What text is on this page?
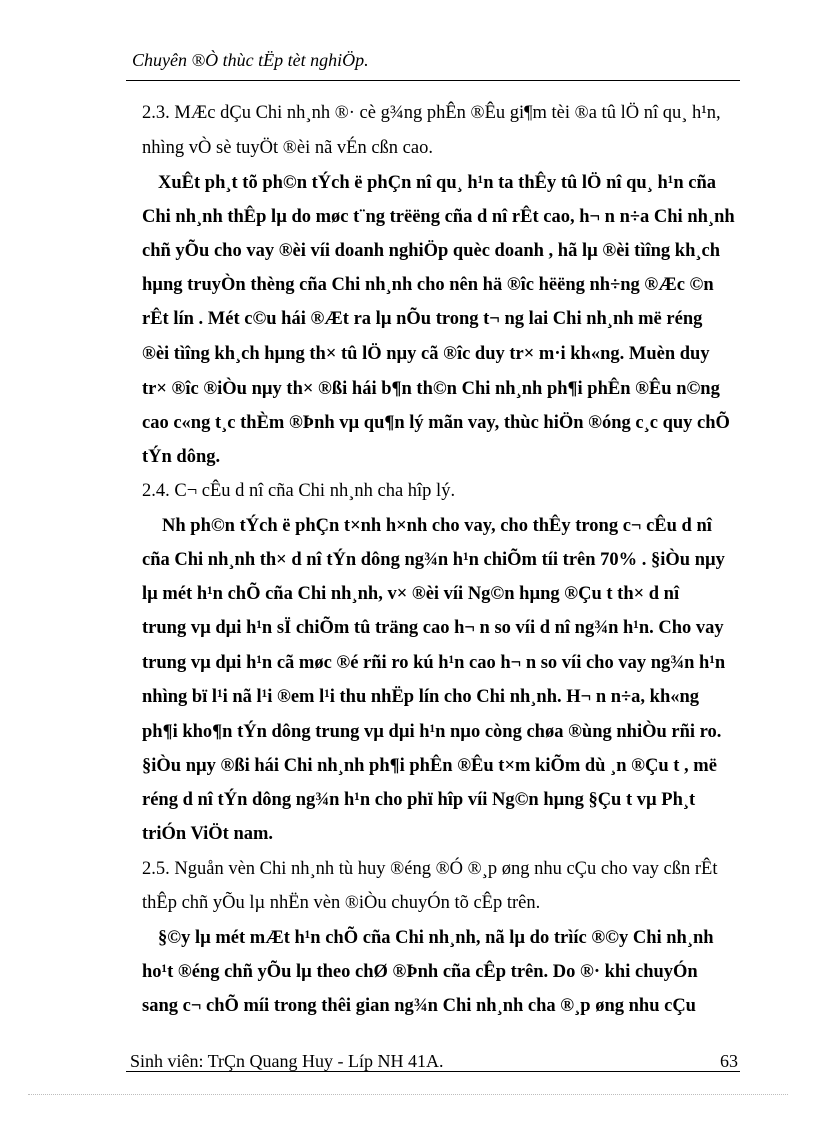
Chuyên ®Ò thùc tËp tèt nghiÖp.
2.3. MÆc dÇu Chi nh¸nh ®· cè g¾ng phÊn ®Êu gi¶m tèi ®a tû lÖ nî qu¸ h¹n,
nhìng vÒ sè tuyÖt ®èi nã vÉn cßn cao.
XuÊt ph¸t tõ ph©n tÝch ë phÇn nî qu¸ h¹n ta thÊy tû lÖ nî qu¸ h¹n cña
Chi nh¸nh thÊp lµ do møc t¨ng trëëng cña d nî rÊt cao, h¬ n n÷a Chi nh¸nh
chñ yÕu cho vay ®èi víi doanh nghiÖp quèc doanh , hã lµ ®èi tìîng kh¸ch
hµng truyÒn thèng cña Chi nh¸nh cho nên hä ®îc hëëng nh÷ng ®Æc ©n
rÊt lín . Mét c©u hái ®Æt ra lµ nÕu trong t¬ ng lai Chi nh¸nh më réng
®èi tìîng kh¸ch hµng th× tû lÖ nµy cã ®îc duy tr× m·i kh«ng. Muèn duy
tr× ®îc ®iÒu nµy th× ®ßi hái b¶n th©n Chi nh¸nh ph¶i phÊn ®Êu n©ng
cao c«ng t¸c thÈm ®Þnh vµ qu¶n lý mãn vay, thùc hiÖn ®óng c¸c quy chÕ
tÝn dông.
2.4. C¬ cÊu d nî cña Chi nh¸nh cha hîp lý.
Nh ph©n tÝch ë phÇn t×nh h×nh cho vay, cho thÊy trong c¬ cÊu d nî
cña Chi nh¸nh th× d nî tÝn dông ng¾n h¹n chiÕm tíi trên 70% . §iÒu nµy
lµ mét h¹n chÕ cña Chi nh¸nh, v× ®èi víi Ng©n hµng ®Çu t th× d nî
trung vµ dµi h¹n sÏ chiÕm tû träng cao h¬ n so víi d nî ng¾n h¹n. Cho vay
trung vµ dµi h¹n cã møc ®é rñi ro kú h¹n cao h¬ n so víi cho vay ng¾n h¹n
nhìng bï l¹i nã l¹i ®em l¹i thu nhËp lín cho Chi nh¸nh. H¬ n n÷a, kh«ng
ph¶i kho¶n tÝn dông trung vµ dµi h¹n nµo còng chøa ®ùng nhiÒu rñi ro.
§iÒu nµy ®ßi hái Chi nh¸nh ph¶i phÊn ®Êu t×m kiÕm dù ¸n ®Çu t , më
réng d nî tÝn dông ng¾n h¹n cho phï hîp víi Ng©n hµng §Çu t vµ Ph¸t
triÓn ViÖt nam.
2.5. Nguån vèn Chi nh¸nh tù huy ®éng ®Ó ®¸p øng nhu cÇu cho vay cßn rÊt
thÊp chñ yÕu lµ nhËn vèn ®iÒu chuyÓn tõ cÊp trên.
§©y lµ mét mÆt h¹n chÕ cña Chi nh¸nh, nã lµ do trìíc ®©y Chi nh¸nh
ho¹t ®éng chñ yÕu lµ theo chØ ®Þnh cña cÊp trên. Do ®· khi chuyÓn
sang c¬ chÕ míi trong thêi gian ng¾n Chi nh¸nh cha ®¸p øng nhu cÇu
Sinh viên: TrÇn Quang Huy - Líp NH 41A.	63
